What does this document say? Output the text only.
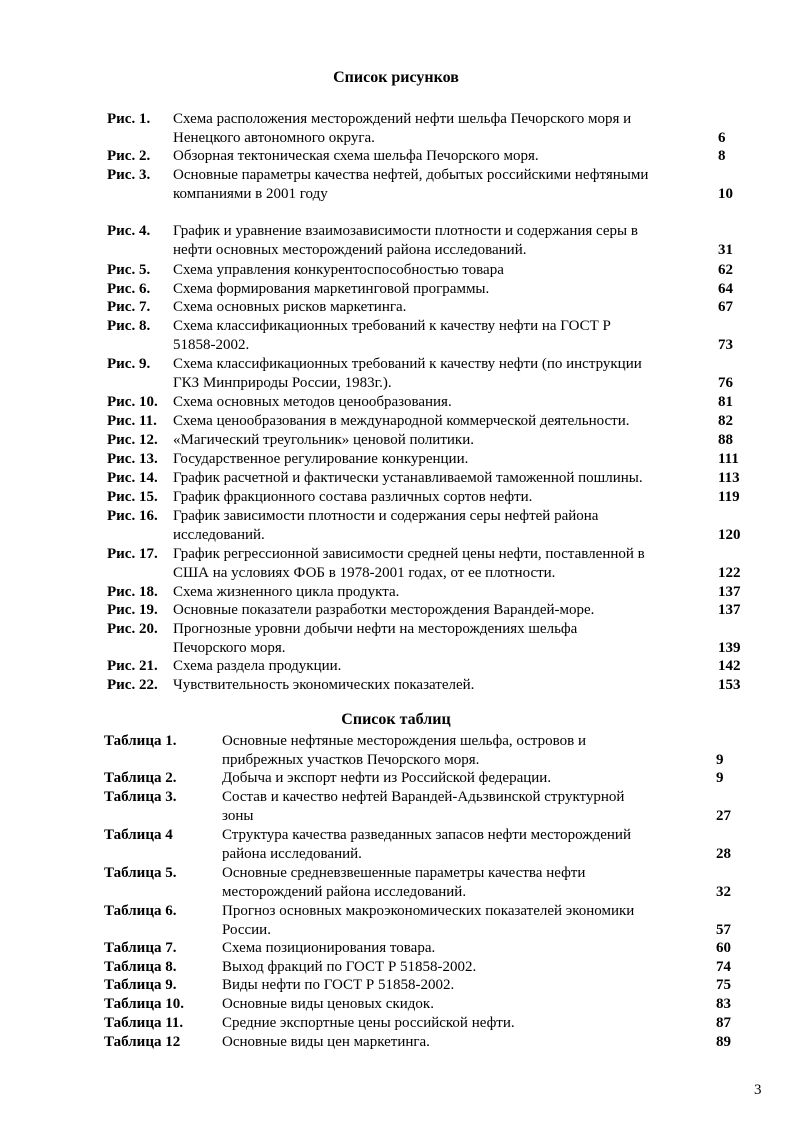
Список рисунков
Рис. 1. Схема расположения месторождений нефти шельфа Печорского моря и
Ненецкого автономного округа.	6
Рис. 2. Обзорная тектоническая схема шельфа Печорского моря.	8
Рис. 3. Основные параметры качества нефтей, добытых российскими нефтяными
компаниями в 2001 году	10
Рис. 4. График и уравнение взаимозависимости плотности и содержания серы в
нефти основных месторождений района исследований.	31
Рис. 5. Схема управления конкурентоспособностью товара	62
Рис. 6. Схема формирования маркетинговой программы.	64
Рис. 7. Схема основных рисков маркетинга.	67
Рис. 8. Схема классификационных требований к качеству нефти на ГОСТ Р
51858-2002.	73
Рис. 9. Схема классификационных требований к качеству нефти (по инструкции
ГКЗ Минприроды России, 1983г.).	76
Рис. 10. Схема основных методов ценообразования.	81
Рис. 11. Схема ценообразования в международной коммерческой деятельности.	82
Рис. 12. «Магический треугольник» ценовой политики.	88
Рис. 13. Государственное регулирование конкуренции.	111
Рис. 14. График расчетной и фактически устанавливаемой таможенной пошлины.	113
Рис. 15. График фракционного состава различных сортов нефти.	119
Рис. 16. График зависимости плотности и содержания серы нефтей района
исследований.	120
Рис. 17. График регрессионной зависимости средней цены нефти, поставленной в
США на условиях ФОБ в 1978-2001 годах, от ее плотности.	122
Рис. 18. Схема жизненного цикла продукта.	137
Рис. 19. Основные показатели разработки месторождения Варандей-море.	137
Рис. 20. Прогнозные уровни добычи нефти на месторождениях шельфа
Печорского моря.	139
Рис. 21. Схема раздела продукции.	142
Рис. 22. Чувствительность экономических показателей.	153
Список таблиц
Таблица 1.	Основные нефтяные месторождения шельфа, островов и
прибрежных участков Печорского моря.	9
Таблица 2.	Добыча и экспорт нефти из Российской федерации.	9
Таблица 3.	Состав и качество нефтей Варандей-Адьзвинской структурной
зоны	27
Таблица 4	Структура качества разведанных запасов нефти месторождений
района исследований.	28
Таблица 5.	Основные средневзвешенные параметры качества нефти
месторождений района исследований.	32
Таблица 6.	Прогноз основных макроэкономических показателей экономики
России.	57
Таблица 7.	Схема позиционирования товара.	60
Таблица 8.	Выход фракций по ГОСТ Р 51858-2002.	74
Таблица 9.	Виды нефти по ГОСТ Р 51858-2002.	75
Таблица 10.	Основные виды ценовых скидок.	83
Таблица 11.	Средние экспортные цены российской нефти.	87
Таблица 12	Основные виды цен маркетинга.	89
3
